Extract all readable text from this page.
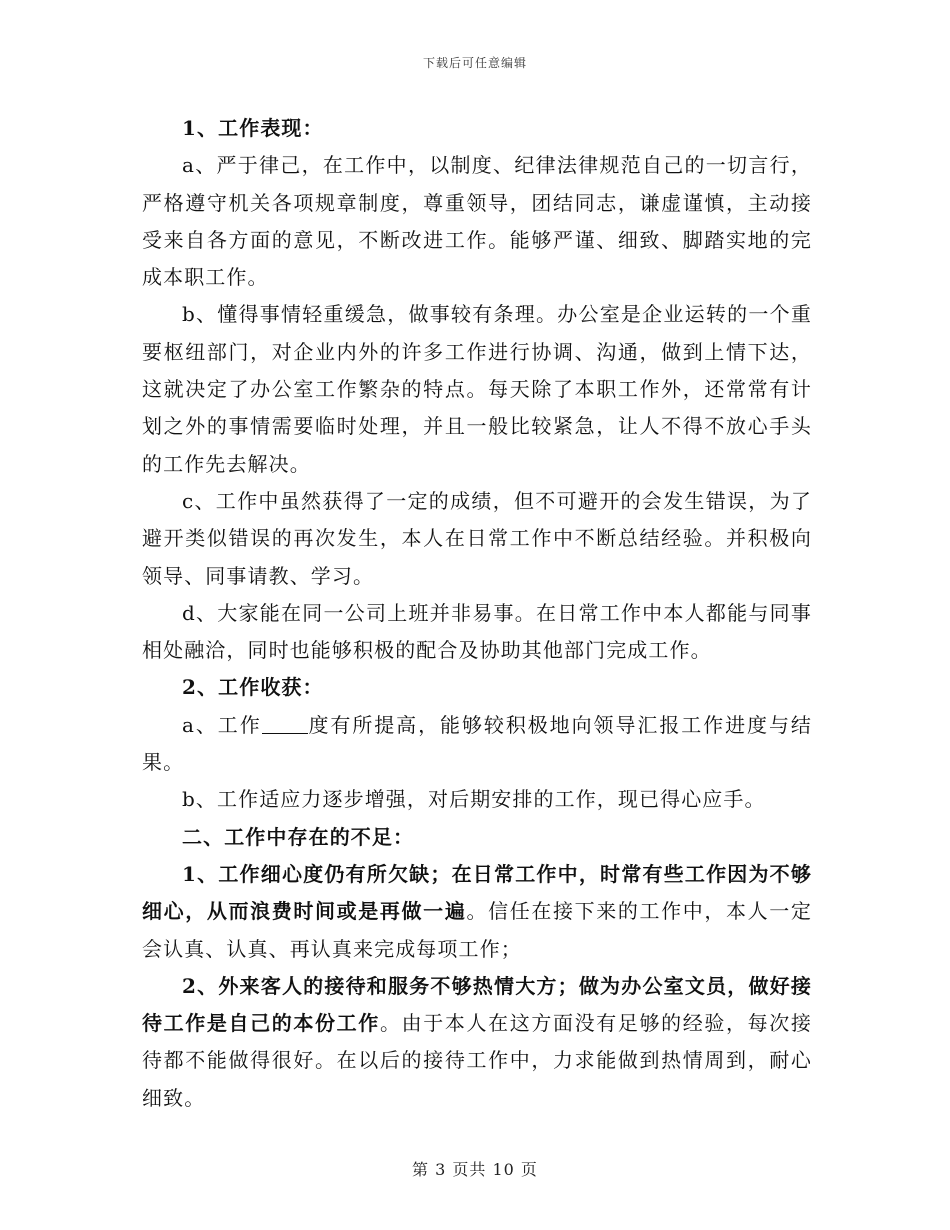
下载后可任意编辑

1、工作表现：

a、严于律己，在工作中，以制度、纪律法律规范自己的一切言行，严格遵守机关各项规章制度，尊重领导，团结同志，谦虚谨慎，主动接受来自各方面的意见，不断改进工作。能够严谨、细致、脚踏实地的完成本职工作。

b、懂得事情轻重缓急，做事较有条理。办公室是企业运转的一个重要枢纽部门，对企业内外的许多工作进行协调、沟通，做到上情下达，这就决定了办公室工作繁杂的特点。每天除了本职工作外，还常常有计划之外的事情需要临时处理，并且一般比较紧急，让人不得不放心手头的工作先去解决。

c、工作中虽然获得了一定的成绩，但不可避开的会发生错误，为了避开类似错误的再次发生，本人在日常工作中不断总结经验。并积极向领导、同事请教、学习。

d、大家能在同一公司上班并非易事。在日常工作中本人都能与同事相处融洽，同时也能够积极的配合及协助其他部门完成工作。

2、工作收获：

a、工作 度有所提高，能够较积极地向领导汇报工作进度与结果。

b、工作适应力逐步增强，对后期安排的工作，现已得心应手。

二、工作中存在的不足：

1、工作细心度仍有所欠缺；在日常工作中，时常有些工作因为不够细心，从而浪费时间或是再做一遍。信任在接下来的工作中，本人一定会认真、认真、再认真来完成每项工作；

2、外来客人的接待和服务不够热情大方；做为办公室文员，做好接待工作是自己的本份工作。由于本人在这方面没有足够的经验，每次接待都不能做得很好。在以后的接待工作中，力求能做到热情周到，耐心细致。

第 3 页共 10 页
